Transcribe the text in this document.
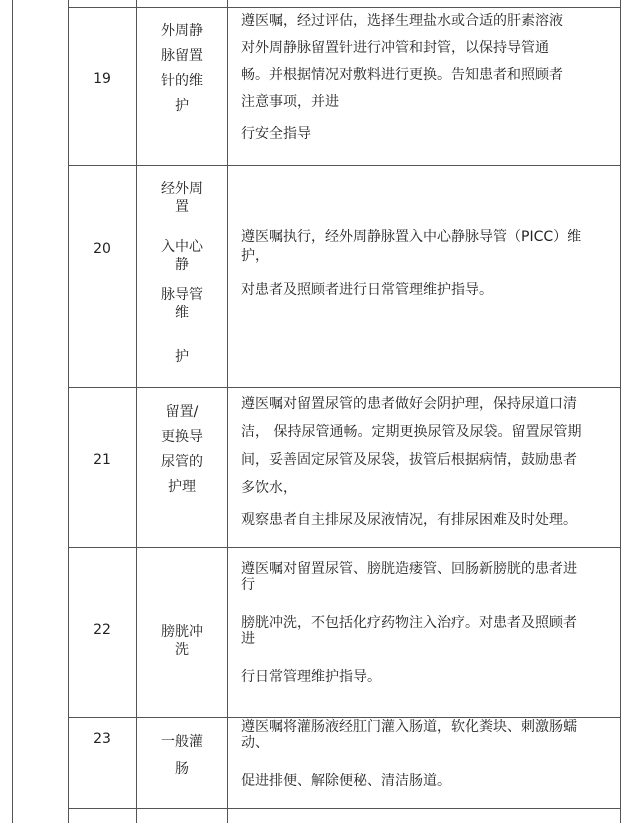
19
外周静
脉留置
针的维
护
遵医嘱，经过评估，选择生理盐水或合适的肝素溶液
对外周静脉留置针进行冲管和封管，以保持导管通
畅。并根据情况对敷料进行更换。告知患者和照顾者
注意事项，并进
行安全指导
20
经外周
置
入中心
静
脉导管
维
护
遵医嘱执行，经外周静脉置入中心静脉导管（PICC）维
护，
对患者及照顾者进行日常管理维护指导。
21
留置/
更换导
尿管的
护理
遵医嘱对留置尿管的患者做好会阴护理，保持尿道口清
洁， 保持尿管通畅。定期更换尿管及尿袋。留置尿管期
间，妥善固定尿管及尿袋，拔管后根据病情，鼓励患者
多饮水，
观察患者自主排尿及尿液情况，有排尿困难及时处理。
22	膀胱冲
洗
遵医嘱对留置尿管、膀胱造瘘管、回肠新膀胱的患者进
行
膀胱冲洗，不包括化疗药物注入治疗。对患者及照顾者
进
行日常管理维护指导。
23	一般灌
肠
遵医嘱将灌肠液经肛门灌入肠道，软化粪块、刺激肠蠕
动、
促进排便、解除便秘、清洁肠道。
